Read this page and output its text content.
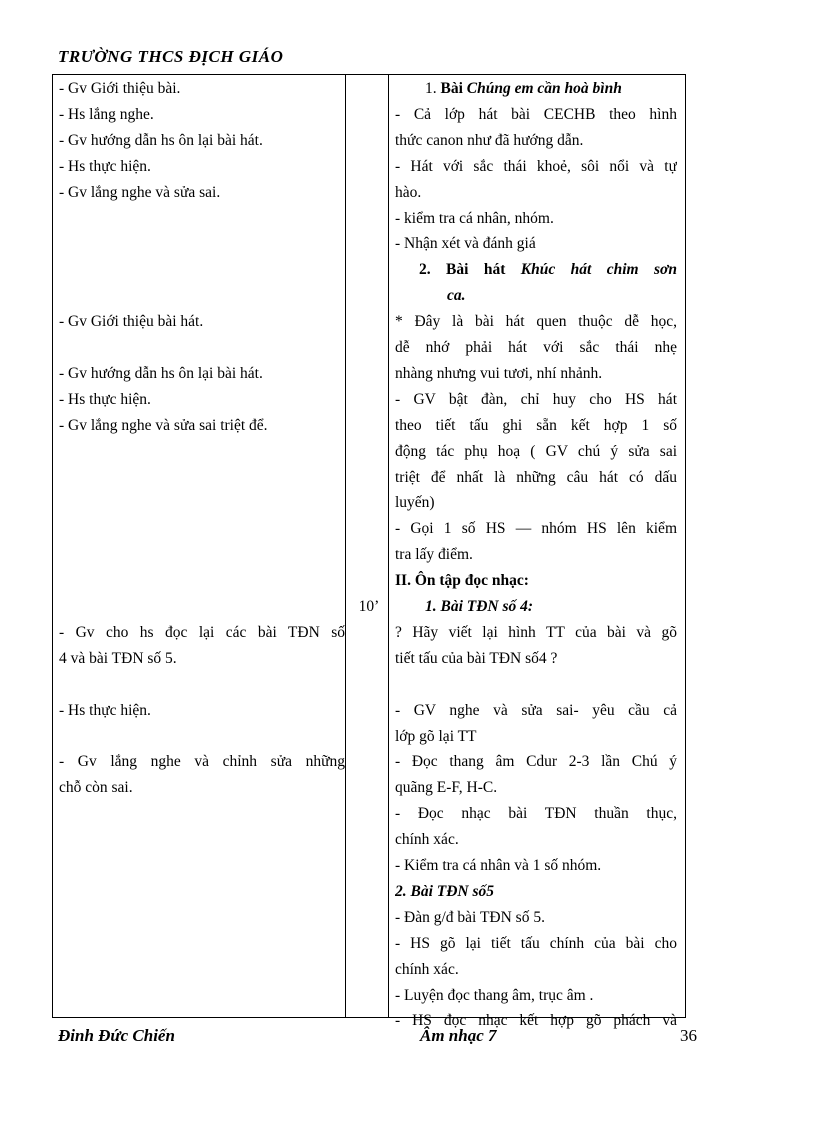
TRƯỜNG THCS ĐỊCH GIÁO
- Gv Giới thiệu bài.
- Hs lắng nghe.
- Gv hướng dẫn hs ôn lại bài hát.
- Hs thực hiện.
- Gv lắng nghe và sửa sai.
- Gv Giới thiệu bài hát.
- Gv hướng dẫn hs ôn lại bài hát.
- Hs thực hiện.
- Gv lắng nghe và sửa sai triệt để.
- Gv cho hs đọc lại các bài TĐN số
4 và bài TĐN số 5.
- Hs thực hiện.
- Gv lắng nghe và chỉnh sửa những
chỗ còn sai.
10’
1. Bài Chúng em cần hoà bình
- Cả lớp hát bài CECHB theo hình
thức canon như đã hướng dẫn.
- Hát với sắc thái khoẻ, sôi nổi và tự
hào.
- kiểm tra cá nhân, nhóm.
- Nhận xét và đánh giá
2. Bài hát Khúc hát chim sơn
ca.
* Đây là bài hát quen thuộc dễ học,
dễ nhớ phải hát với sắc thái nhẹ
nhàng nhưng vui tươi, nhí nhảnh.
- GV bật đàn, chỉ huy cho HS hát
theo tiết tấu ghi sẵn kết hợp 1 số
động tác phụ hoạ ( GV chú ý sửa sai
triệt để nhất là những câu hát có dấu
luyến)
- Gọi 1 số HS — nhóm HS lên kiểm
tra lấy điểm.
II. Ôn tập đọc nhạc:
1. Bài TĐN số 4:
? Hãy viết lại hình TT của bài và gõ
tiết tấu của bài TĐN số4 ?
- GV nghe và sửa sai- yêu cầu cả
lớp gõ lại TT
- Đọc thang âm Cdur 2-3 lần Chú ý
quãng E-F, H-C.
- Đọc nhạc bài TĐN thuần thục,
chính xác.
- Kiểm tra cá nhân và 1 số nhóm.
2. Bài TĐN số5
- Đàn g/đ bài TĐN số 5.
- HS gõ lại tiết tấu chính của bài cho
chính xác.
- Luyện đọc thang âm, trục âm .
- HS đọc nhạc kết hợp gõ phách và
Đinh Đức Chiến	Âm nhạc 7	36
